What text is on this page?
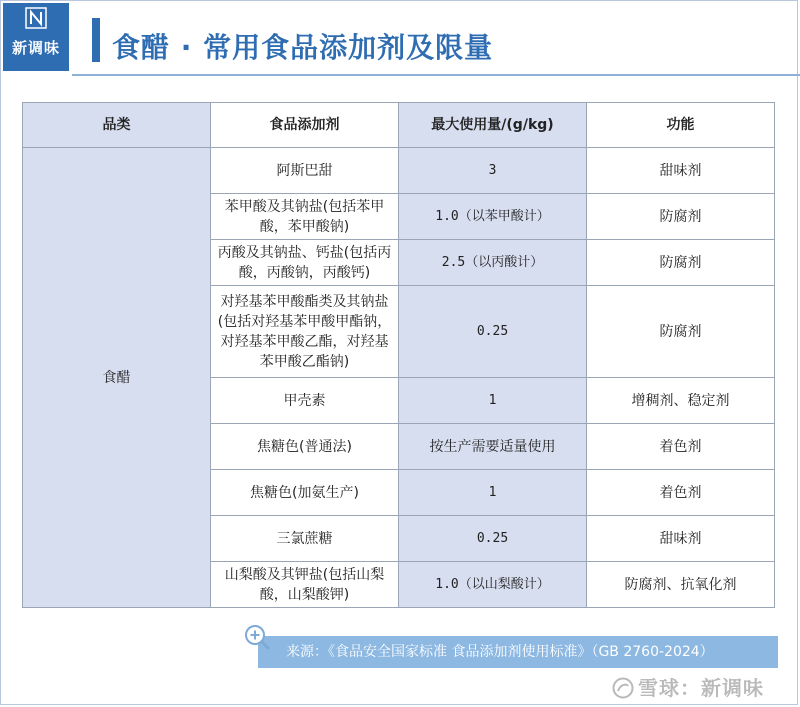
新调味	食醋 · 常用食品添加剂及限量
品类	食品添加剂	最大使用量/(g/kg)	功能
食醋	阿斯巴甜	3	甜味剂
	苯甲酸及其钠盐(包括苯甲酸，苯甲酸钠)	1.0（以苯甲酸计）	防腐剂
	丙酸及其钠盐、钙盐(包括丙酸，丙酸钠，丙酸钙)	2.5（以丙酸计）	防腐剂
	对羟基苯甲酸酯类及其钠盐(包括对羟基苯甲酸甲酯钠，对羟基苯甲酸乙酯，对羟基苯甲酸乙酯钠)	0.25	防腐剂
	甲壳素	1	增稠剂、稳定剂
	焦糖色(普通法)	按生产需要适量使用	着色剂
	焦糖色(加氨生产)	1	着色剂
	三氯蔗糖	0.25	甜味剂
	山梨酸及其钾盐(包括山梨酸，山梨酸钾)	1.0（以山梨酸计）	防腐剂、抗氧化剂
来源：《食品安全国家标准 食品添加剂使用标准》（GB 2760-2024）
雪球：新调味
